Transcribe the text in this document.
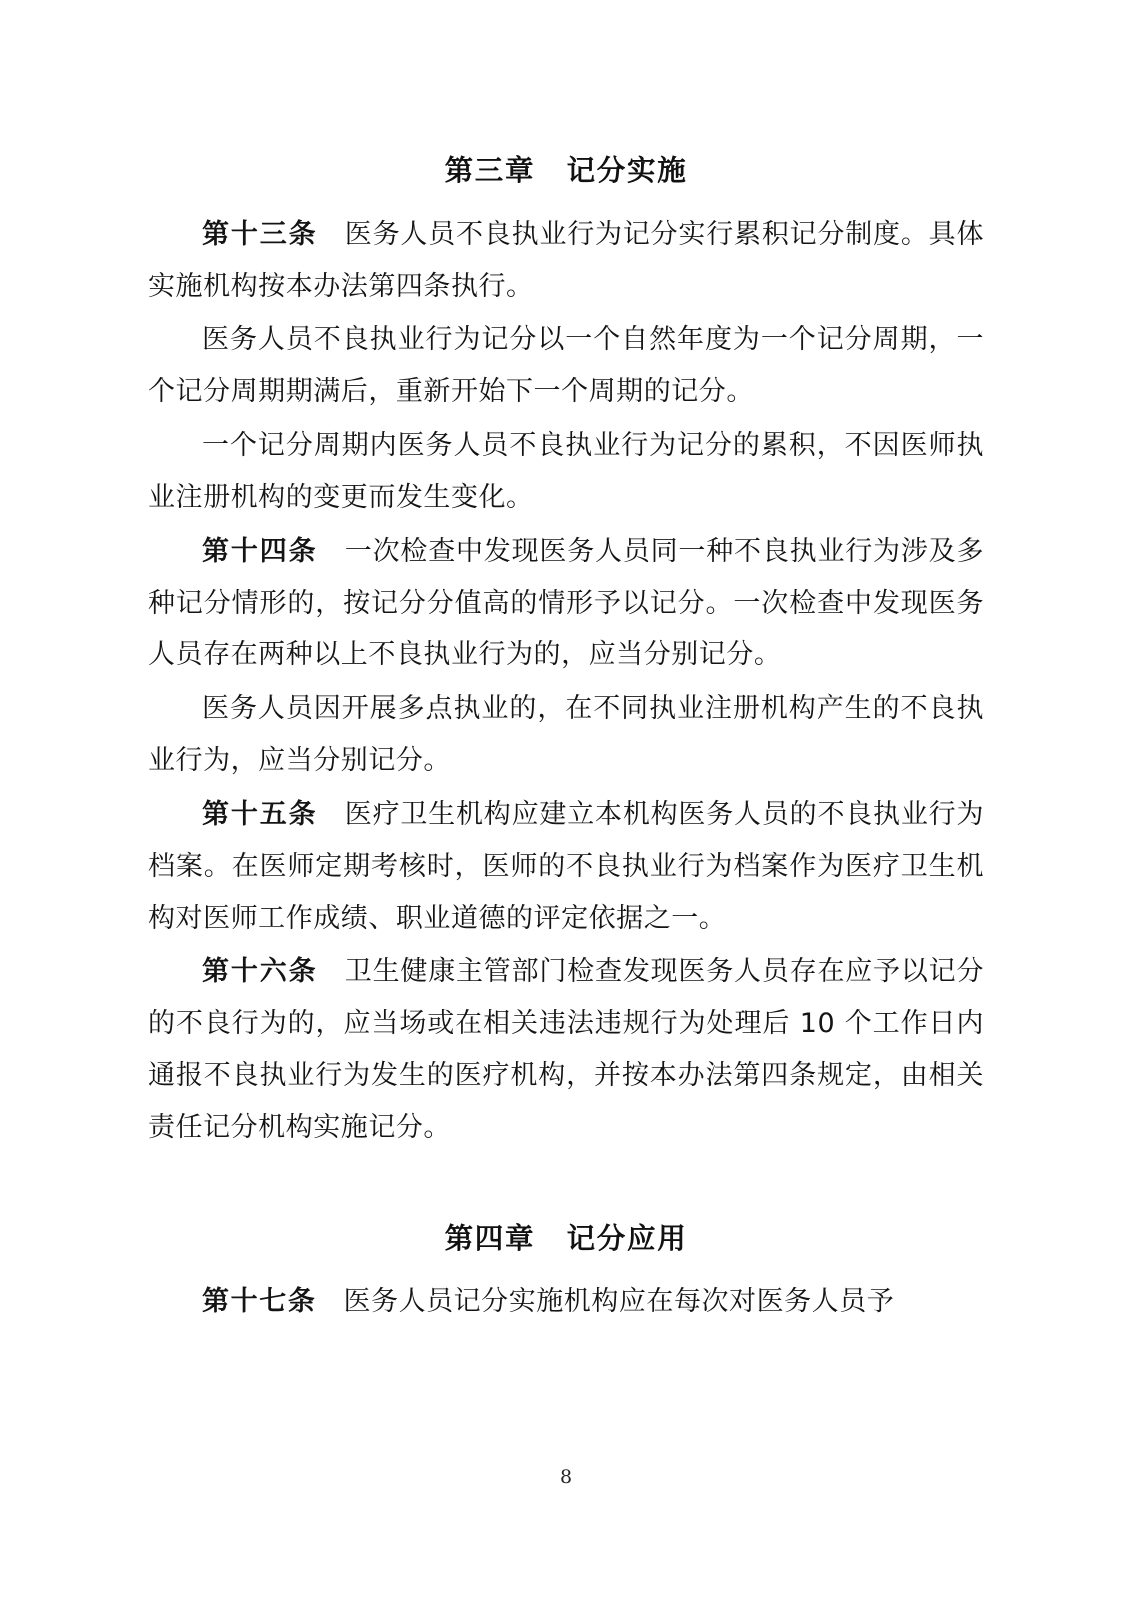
第三章 记分实施

第十三条 医务人员不良执业行为记分实行累积记分制度。具体实施机构按本办法第四条执行。

医务人员不良执业行为记分以一个自然年度为一个记分周期，一个记分周期期满后，重新开始下一个周期的记分。

一个记分周期内医务人员不良执业行为记分的累积，不因医师执业注册机构的变更而发生变化。

第十四条 一次检查中发现医务人员同一种不良执业行为涉及多种记分情形的，按记分分值高的情形予以记分。一次检查中发现医务人员存在两种以上不良执业行为的，应当分别记分。

医务人员因开展多点执业的，在不同执业注册机构产生的不良执业行为，应当分别记分。

第十五条 医疗卫生机构应建立本机构医务人员的不良执业行为档案。在医师定期考核时，医师的不良执业行为档案作为医疗卫生机构对医师工作成绩、职业道德的评定依据之一。

第十六条 卫生健康主管部门检查发现医务人员存在应予以记分的不良行为的，应当场或在相关违法违规行为处理后 10 个工作日内通报不良执业行为发生的医疗机构，并按本办法第四条规定，由相关责任记分机构实施记分。

第四章 记分应用

第十七条 医务人员记分实施机构应在每次对医务人员予

8
